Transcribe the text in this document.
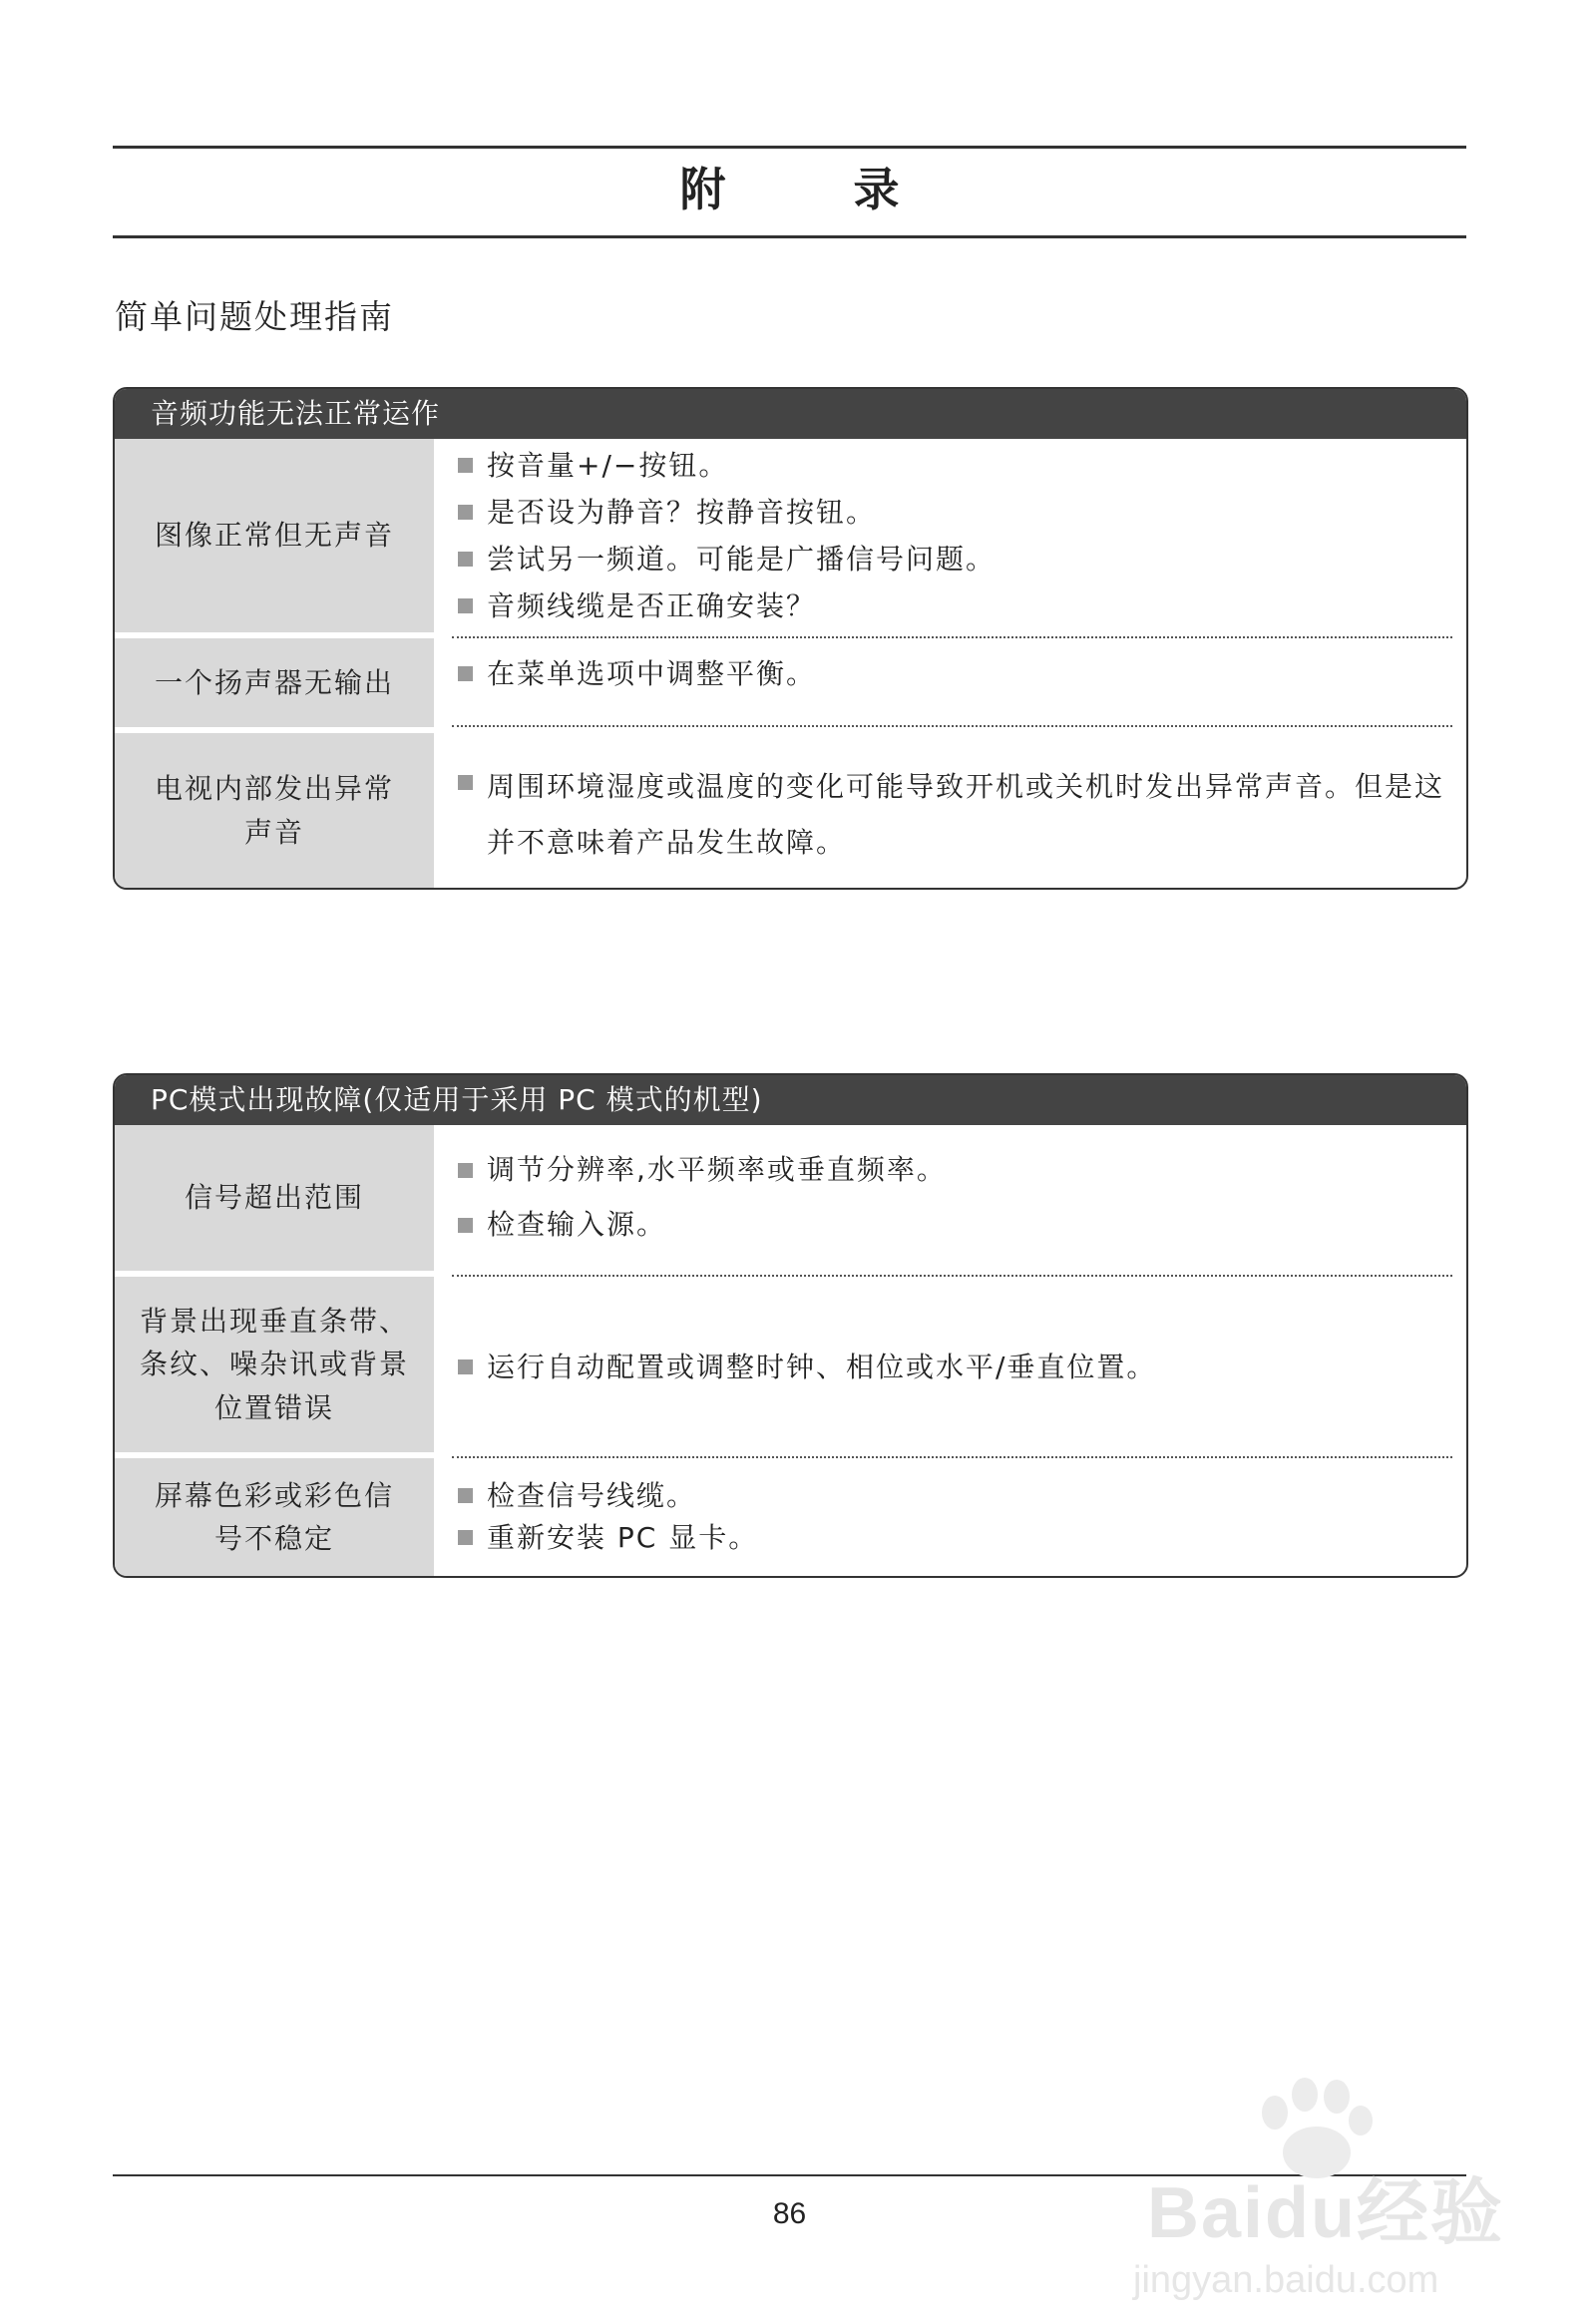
附 录
简单问题处理指南
音频功能无法正常运作
图像正常但无声音
按音量+/−按钮。
是否设为静音？按静音按钮。
尝试另一频道。可能是广播信号问题。
音频线缆是否正确安装？
一个扬声器无输出	在菜单选项中调整平衡。
电视内部发出异常声音
周围环境湿度或温度的变化可能导致开机或关机时发出异常声音。但是这并不意味着产品发生故障。
PC模式出现故障(仅适用于采用 PC 模式的机型)
信号超出范围
调节分辨率,水平频率或垂直频率。
检查输入源。
背景出现垂直条带、条纹、噪杂讯或背景位置错误
运行自动配置或调整时钟、相位或水平/垂直位置。
屏幕色彩或彩色信号不稳定
检查信号线缆。
重新安装 PC 显卡。
86	Baidu经验
jingyan.baidu.com
